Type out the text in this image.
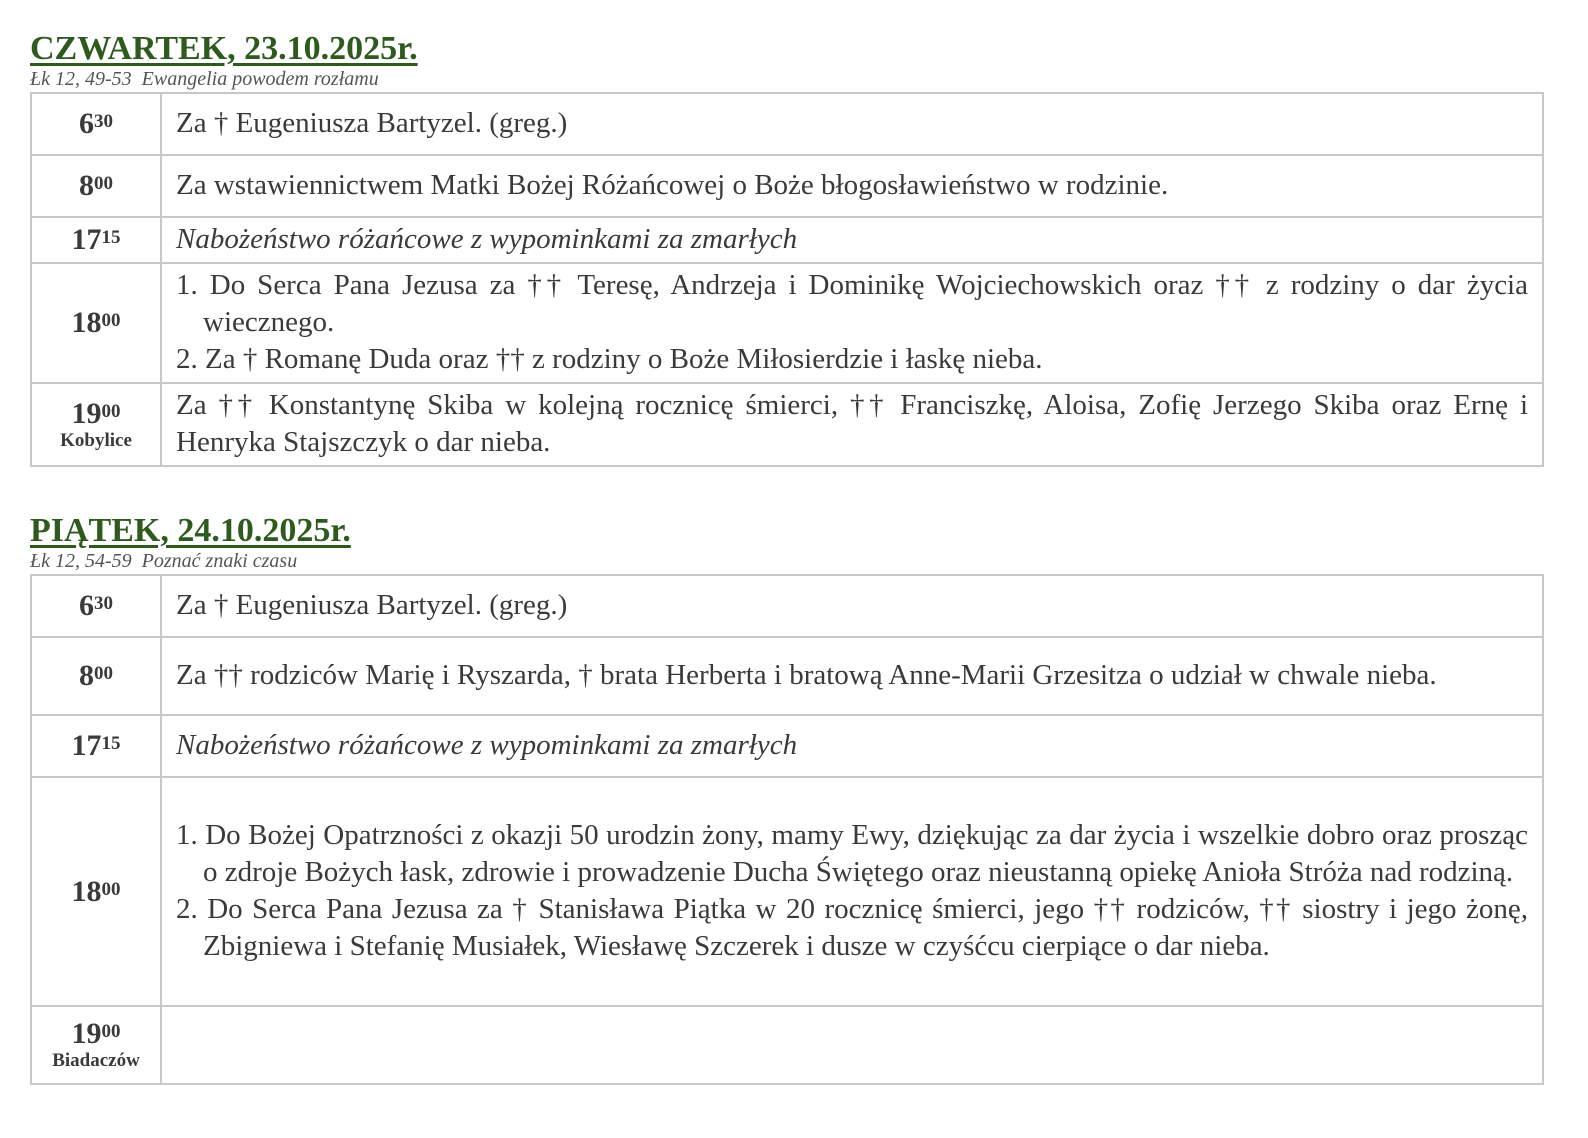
CZWARTEK, 23.10.2025r.

Łk 12, 49-53 Ewangelia powodem rozłamu

$6^{30}$	Za † Eugeniusza Bartyzel. (greg.)
$8^{00}$	Za wstawiennictwem Matki Bożej Różańcowej o Boże błogosławieństwo w rodzinie.
$17^{15}$	Nabożeństwo różańcowe z wypominkami za zmarłych
$18^{00}$	1. Do Serca Pana Jezusa za †† Teresę, Andrzeja i Dominikę Wojciechowskich oraz †† z rodziny o dar życia wiecznego.
2. Za † Romanę Duda oraz †† z rodziny o Boże Miłosierdzie i łaskę nieba.

$19^{00}$
Kobylice	Za †† Konstantynę Skiba w kolejną rocznicę śmierci, †† Franciszkę, Aloisa, Zofię Jerzego Skiba oraz Ernę i Henryka Stajszczyk o dar nieba.
PIĄTEK, 24.10.2025r.

Łk 12, 54-59 Poznać znaki czasu

$6^{30}$	Za † Eugeniusza Bartyzel. (greg.)
$8^{00}$	Za †† rodziców Marię i Ryszarda, † brata Herberta i bratową Anne-Marii Grzesitza o udział w chwale nieba.
$17^{15}$	Nabożeństwo różańcowe z wypominkami za zmarłych
$18^{00}$	1. Do Bożej Opatrzności z okazji 50 urodzin żony, mamy Ewy, dziękując za dar życia i wszelkie dobro oraz prosząc o zdroje Bożych łask, zdrowie i prowadzenie Ducha Świętego oraz nieustanną opiekę Anioła Stróża nad rodziną.
2. Do Serca Pana Jezusa za † Stanisława Piątka w 20 rocznicę śmierci, jego †† rodziców, †† siostry i jego żonę, Zbigniewa i Stefanię Musiałek, Wiesławę Szczerek i dusze w czyśćcu cierpiące o dar nieba.

$19^{00}$
Biadaczów	
